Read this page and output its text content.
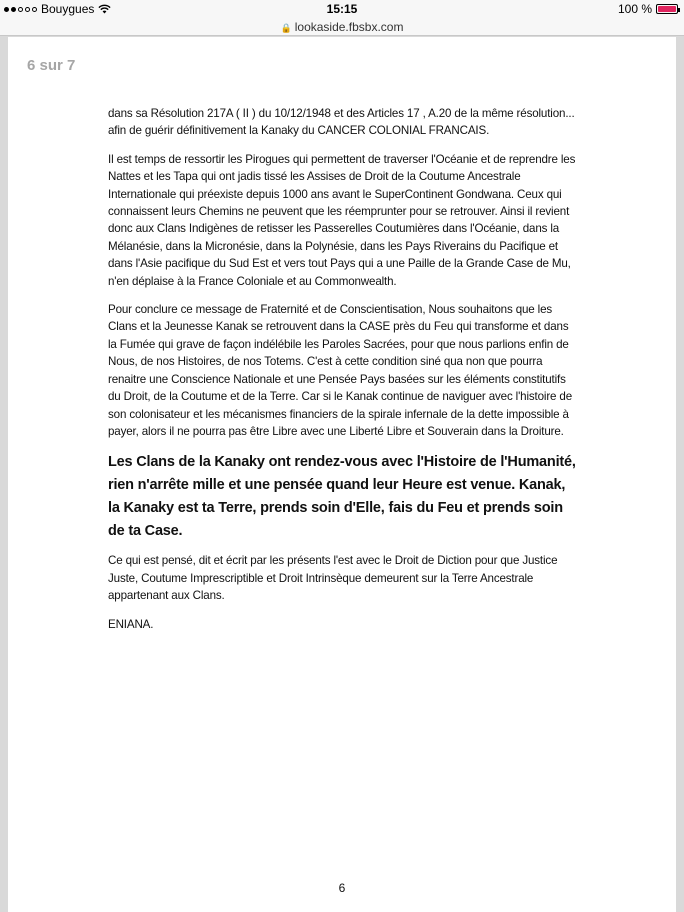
Bouygues	15:15	100 %
🔒 lookaside.fbsbx.com
6 sur 7

dans sa Résolution 217A ( II ) du 10/12/1948 et des Articles 17 , A.20 de la même résolution... afin de guérir définitivement la Kanaky du CANCER COLONIAL FRANCAIS.

Il est temps de ressortir les Pirogues qui permettent de traverser l'Océanie et de reprendre les Nattes et les Tapa qui ont jadis tissé les Assises de Droit de la Coutume Ancestrale Internationale qui préexiste depuis 1000 ans avant le SuperContinent Gondwana. Ceux qui connaissent leurs Chemins ne peuvent que les réemprunter pour se retrouver. Ainsi il revient donc aux Clans Indigènes de retisser les Passerelles Coutumières dans l'Océanie, dans la Mélanésie, dans la Micronésie, dans la Polynésie, dans les Pays Riverains du Pacifique et dans l'Asie pacifique du Sud Est et vers tout Pays qui a une Paille de la Grande Case de Mu, n'en déplaise à la France Coloniale et au Commonwealth.

Pour conclure ce message de Fraternité et de Conscientisation, Nous souhaitons que les Clans et la Jeunesse Kanak se retrouvent dans la CASE près du Feu qui transforme et dans la Fumée qui grave de façon indélébile les Paroles Sacrées, pour que nous parlions enfin de Nous, de nos Histoires, de nos Totems. C'est à cette condition siné qua non que pourra renaitre une Conscience Nationale et une Pensée Pays basées sur les éléments constitutifs du Droit, de la Coutume et de la Terre. Car si le Kanak continue de naviguer avec l'histoire de son colonisateur et les mécanismes financiers de la spirale infernale de la dette impossible à payer, alors il ne pourra pas être Libre avec une Liberté Libre et Souverain dans la Droiture.

Les Clans de la Kanaky ont rendez-vous avec l'Histoire de l'Humanité, rien n'arrête mille et une pensée quand leur Heure est venue. Kanak, la Kanaky est ta Terre, prends soin d'Elle, fais du Feu et prends soin de ta Case.

Ce qui est pensé, dit et écrit par les présents l'est avec le Droit de Diction pour que Justice Juste, Coutume Imprescriptible et Droit Intrinsèque demeurent sur la Terre Ancestrale appartenant aux Clans.

ENIANA.

6
